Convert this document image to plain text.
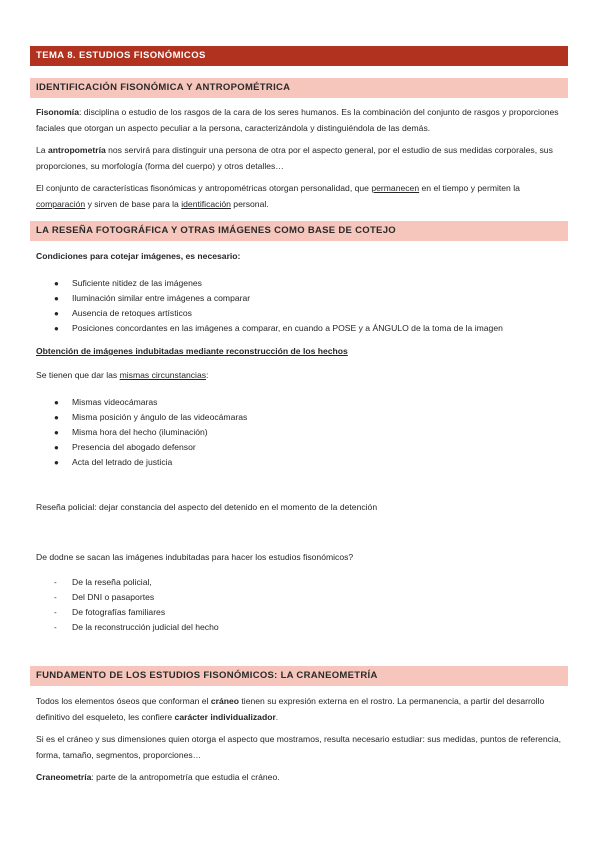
TEMA 8. ESTUDIOS FISONÓMICOS
IDENTIFICACIÓN FISONÓMICA Y ANTROPOMÉTRICA

Fisonomía: disciplina o estudio de los rasgos de la cara de los seres humanos. Es la combinación del conjunto de rasgos y proporciones faciales que otorgan un aspecto peculiar a la persona, caracterizándola y distinguiéndola de las demás.

La antropometría nos servirá para distinguir una persona de otra por el aspecto general, por el estudio de sus medidas corporales, sus proporciones, su morfología (forma del cuerpo) y otros detalles…

El conjunto de características fisonómicas y antropométricas otorgan personalidad, que permanecen en el tiempo y permiten la comparación y sirven de base para la identificación personal.

LA RESEÑA FOTOGRÁFICA Y OTRAS IMÁGENES COMO BASE DE COTEJO

Condiciones para cotejar imágenes, es necesario:

● Suficiente nitidez de las imágenes
● Iluminación similar entre imágenes a comparar
● Ausencia de retoques artísticos
● Posiciones concordantes en las imágenes a comparar, en cuando a POSE y a ÁNGULO de la toma de la imagen

Obtención de imágenes indubitadas mediante reconstrucción de los hechos

Se tienen que dar las mismas circunstancias:

● Mismas videocámaras
● Misma posición y ángulo de las videocámaras
● Misma hora del hecho (iluminación)
● Presencia del abogado defensor
● Acta del letrado de justicia

Reseña policial: dejar constancia del aspecto del detenido en el momento de la detención

De dodne se sacan las imágenes indubitadas para hacer los estudios fisonómicos?

- De la reseña policial,
- Del DNI o pasaportes
- De fotografías familiares
- De la reconstrucción judicial del hecho
FUNDAMENTO DE LOS ESTUDIOS FISONÓMICOS: LA CRANEOMETRÍA

Todos los elementos óseos que conforman el cráneo tienen su expresión externa en el rostro. La permanencia, a partir del desarrollo definitivo del esqueleto, les confiere carácter individualizador.

Si es el cráneo y sus dimensiones quien otorga el aspecto que mostramos, resulta necesario estudiar: sus medidas, puntos de referencia, forma, tamaño, segmentos, proporciones…

Craneometría: parte de la antropometría que estudia el cráneo.
